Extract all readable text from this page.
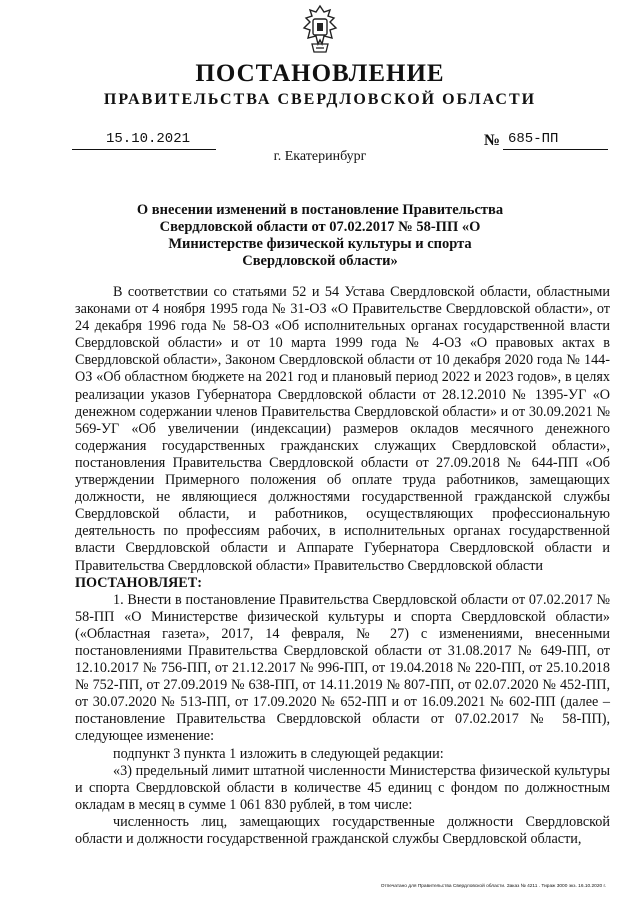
ПОСТАНОВЛЕНИЕ
ПРАВИТЕЛЬСТВА СВЕРДЛОВСКОЙ ОБЛАСТИ
15.10.2021	№ 685-ПП
г. Екатеринбург
О внесении изменений в постановление Правительства Свердловской области от 07.02.2017 № 58-ПП «О Министерстве физической культуры и спорта Свердловской области»

В соответствии со статьями 52 и 54 Устава Свердловской области, областными законами от 4 ноября 1995 года № 31-ОЗ «О Правительстве Свердловской области», от 24 декабря 1996 года № 58-ОЗ «Об исполнительных органах государственной власти Свердловской области» и от 10 марта 1999 года № 4-ОЗ «О правовых актах в Свердловской области», Законом Свердловской области от 10 декабря 2020 года № 144-ОЗ «Об областном бюджете на 2021 год и плановый период 2022 и 2023 годов», в целях реализации указов Губернатора Свердловской области от 28.12.2010 № 1395-УГ «О денежном содержании членов Правительства Свердловской области» и от 30.09.2021 № 569-УГ «Об увеличении (индексации) размеров окладов месячного денежного содержания государственных гражданских служащих Свердловской области», постановления Правительства Свердловской области от 27.09.2018 № 644-ПП «Об утверждении Примерного положения об оплате труда работников, замещающих должности, не являющиеся должностями государственной гражданской службы Свердловской области, и работников, осуществляющих профессиональную деятельность по профессиям рабочих, в исполнительных органах государственной власти Свердловской области и Аппарате Губернатора Свердловской области и Правительства Свердловской области» Правительство Свердловской области

ПОСТАНОВЛЯЕТ:

1. Внести в постановление Правительства Свердловской области от 07.02.2017 № 58-ПП «О Министерстве физической культуры и спорта Свердловской области» («Областная газета», 2017, 14 февраля, № 27) с изменениями, внесенными постановлениями Правительства Свердловской области от 31.08.2017 № 649-ПП, от 12.10.2017 № 756-ПП, от 21.12.2017 № 996-ПП, от 19.04.2018 № 220-ПП, от 25.10.2018 № 752-ПП, от 27.09.2019 № 638-ПП, от 14.11.2019 № 807-ПП, от 02.07.2020 № 452-ПП, от 30.07.2020 № 513-ПП, от 17.09.2020 № 652-ПП и от 16.09.2021 № 602-ПП (далее – постановление Правительства Свердловской области от 07.02.2017 № 58-ПП), следующее изменение:

подпункт 3 пункта 1 изложить в следующей редакции:

«3) предельный лимит штатной численности Министерства физической культуры и спорта Свердловской области в количестве 45 единиц с фондом по должностным окладам в месяц в сумме 1 061 830 рублей, в том числе:

численность лиц, замещающих государственные должности Свердловской области и должности государственной гражданской службы Свердловской области,

Отпечатано для Правительства Свердловской области. Заказ № 4211 . Тираж 3000 экз. 16.10.2020 г.
